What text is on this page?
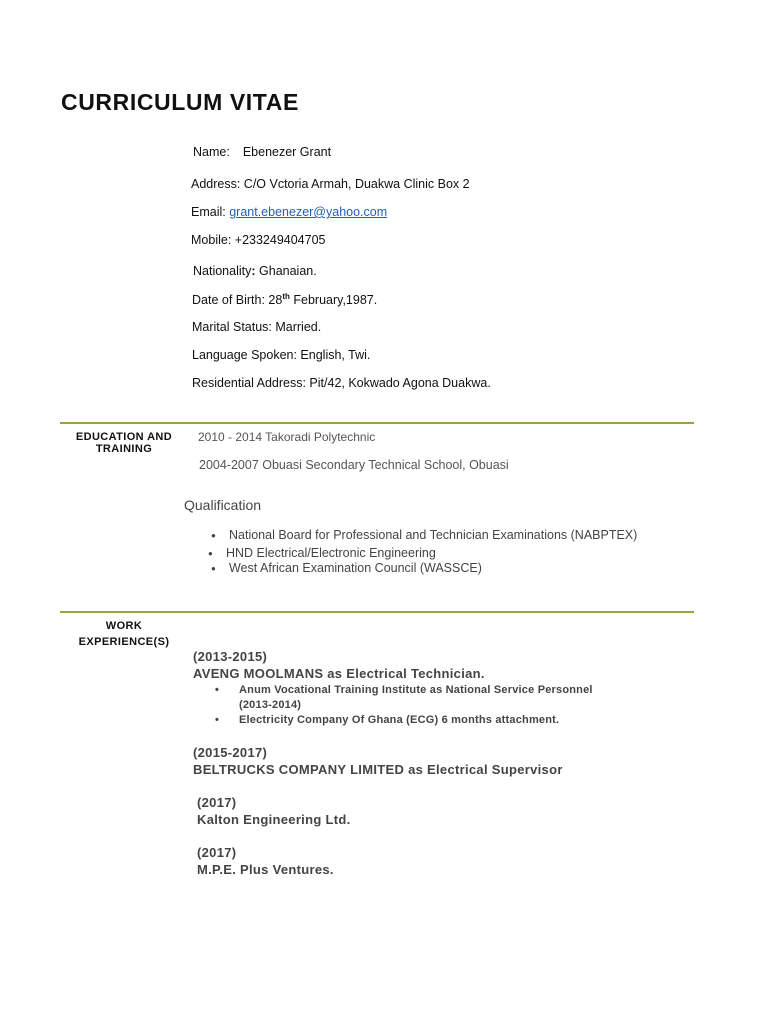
CURRICULUM VITAE
Name: Ebenezer Grant
Address: C/O Vctoria Armah, Duakwa Clinic Box 2
Email: grant.ebenezer@yahoo.com
Mobile: +233249404705
Nationality: Ghanaian.
Date of Birth: 28th February,1987.
Marital Status: Married.
Language Spoken: English, Twi.
Residential Address: Pit/42, Kokwado Agona Duakwa.
EDUCATION AND
TRAINING
2010 - 2014 Takoradi Polytechnic
2004-2007 Obuasi Secondary Technical School, Obuasi
Qualification
● National Board for Professional and Technician Examinations (NABPTEX)
● HND Electrical/Electronic Engineering
● West African Examination Council (WASSCE)
WORK
EXPERIENCE(S)
(2013-2015)
AVENG MOOLMANS as Electrical Technician.
• Anum Vocational Training Institute as National Service Personnel
(2013-2014)
• Electricity Company Of Ghana (ECG) 6 months attachment.
(2015-2017)
BELTRUCKS COMPANY LIMITED as Electrical Supervisor
(2017)
Kalton Engineering Ltd.
(2017)
M.P.E. Plus Ventures.
